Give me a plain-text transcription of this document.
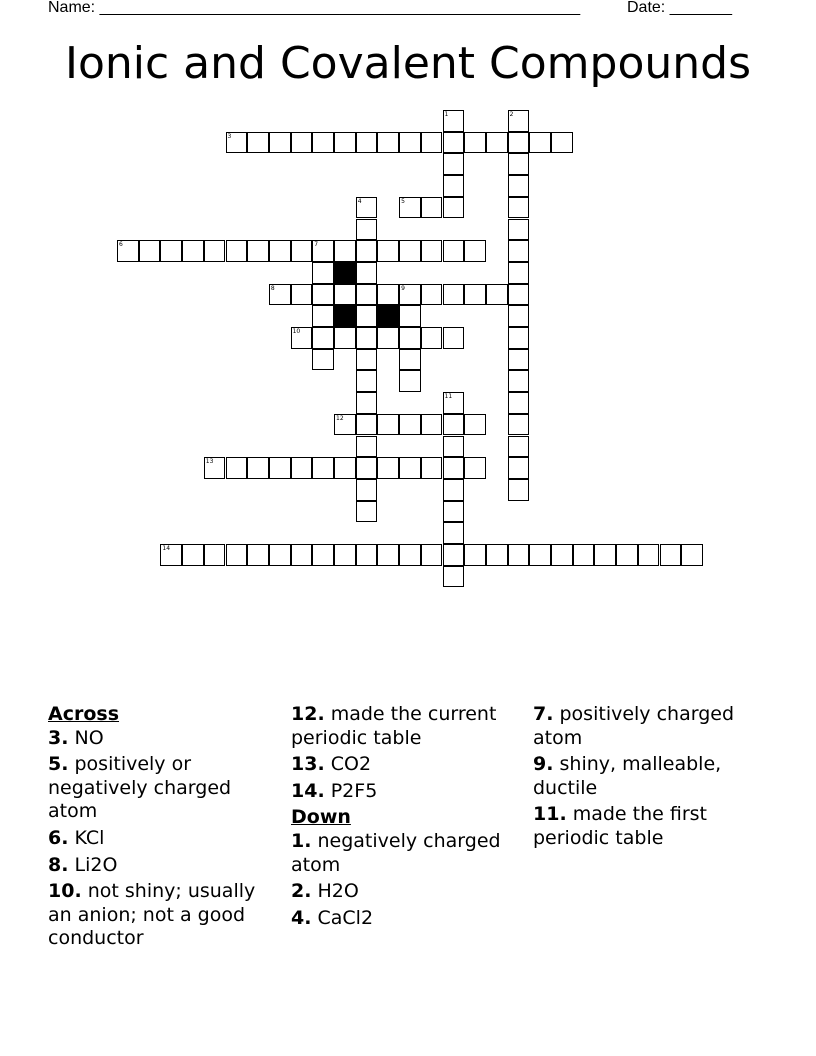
Name: ______________________________________________________	Date: _______
Ionic and Covalent Compounds
1	2
3
4	5
6	7
8	9
10
11
12
13
14
Across
3. NO
5. positively or negatively charged atom
6. KCl
8. Li2O
10. not shiny; usually an anion; not a good conductor
12. made the current periodic table
13. CO2
14. P2F5
Down
1. negatively charged atom
2. H2O
4. CaCl2
7. positively charged atom
9. shiny, malleable, ductile
11. made the first periodic table
